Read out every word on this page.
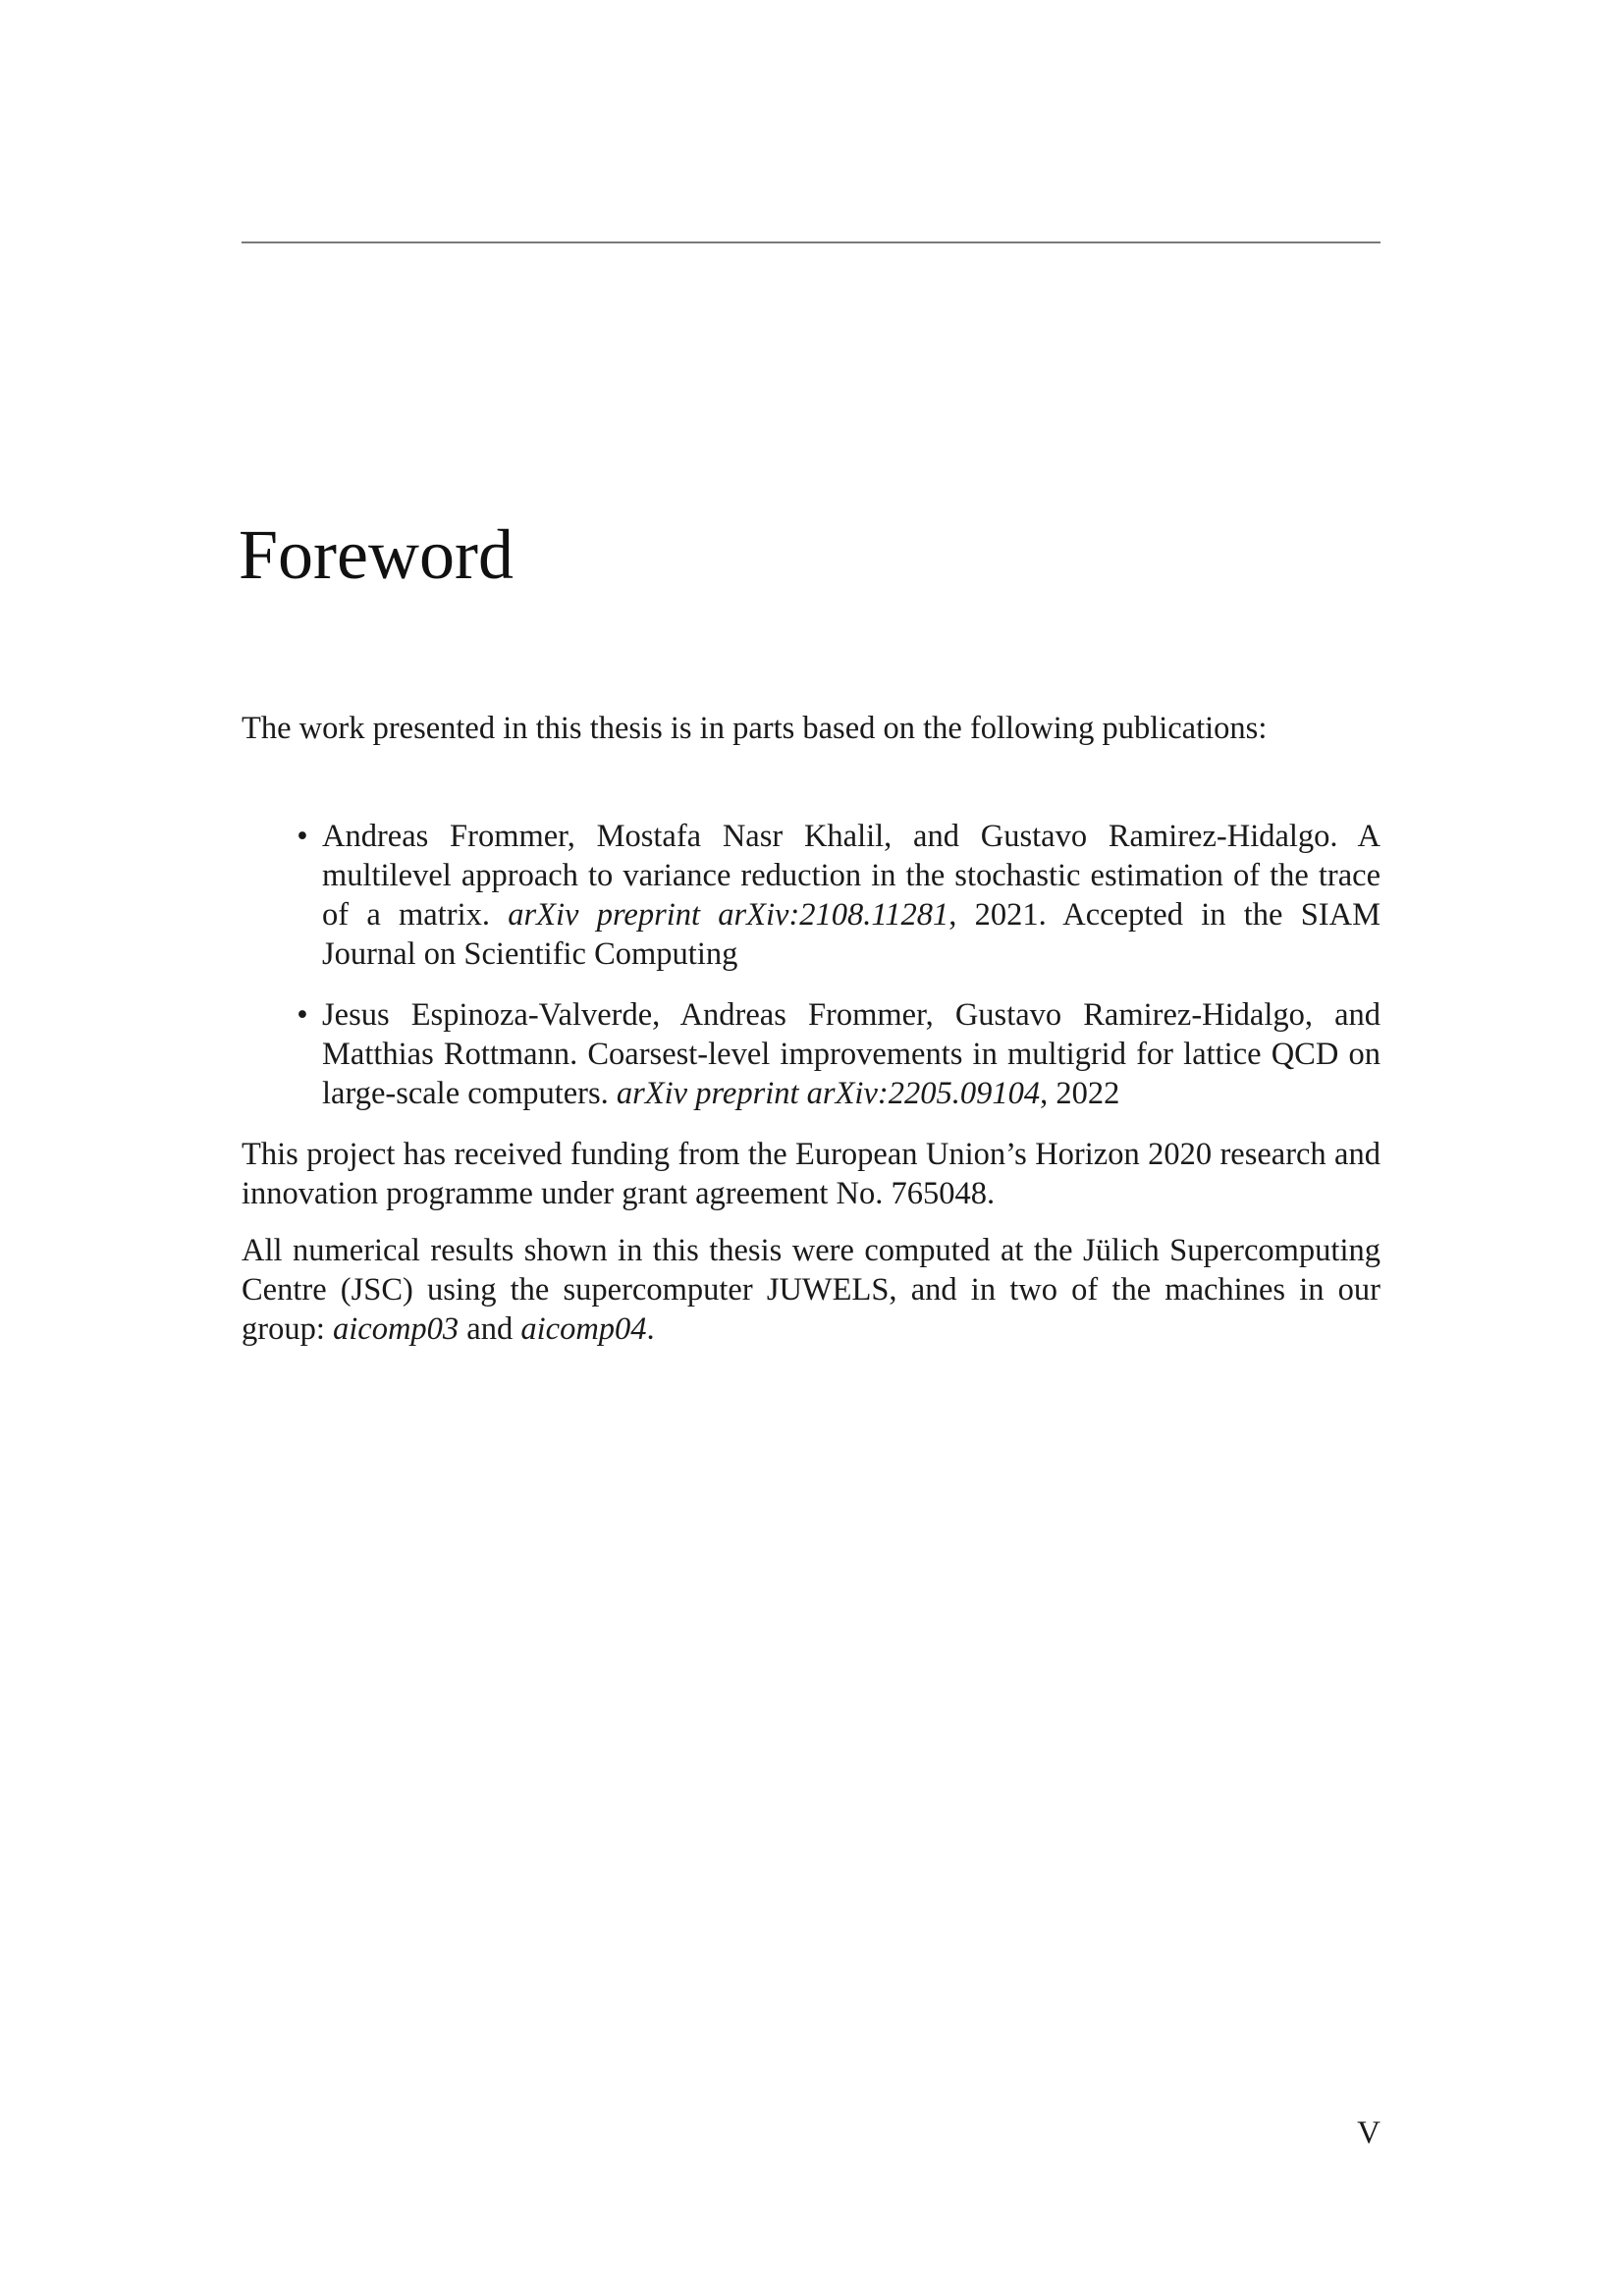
Foreword

The work presented in this thesis is in parts based on the following publications:

• Andreas Frommer, Mostafa Nasr Khalil, and Gustavo Ramirez-Hidalgo. A multilevel approach to variance reduction in the stochastic estimation of the trace of a matrix. arXiv preprint arXiv:2108.11281, 2021. Accepted in the SIAM Journal on Scientific Computing
• Jesus Espinoza-Valverde, Andreas Frommer, Gustavo Ramirez-Hidalgo, and Matthias Rottmann. Coarsest-level improvements in multigrid for lattice QCD on large-scale computers. arXiv preprint arXiv:2205.09104, 2022

This project has received funding from the European Union’s Horizon 2020 research and innovation programme under grant agreement No. 765048.

All numerical results shown in this thesis were computed at the Jülich Supercomputing Centre (JSC) using the supercomputer JUWELS, and in two of the machines in our group: aicomp03 and aicomp04.

V
